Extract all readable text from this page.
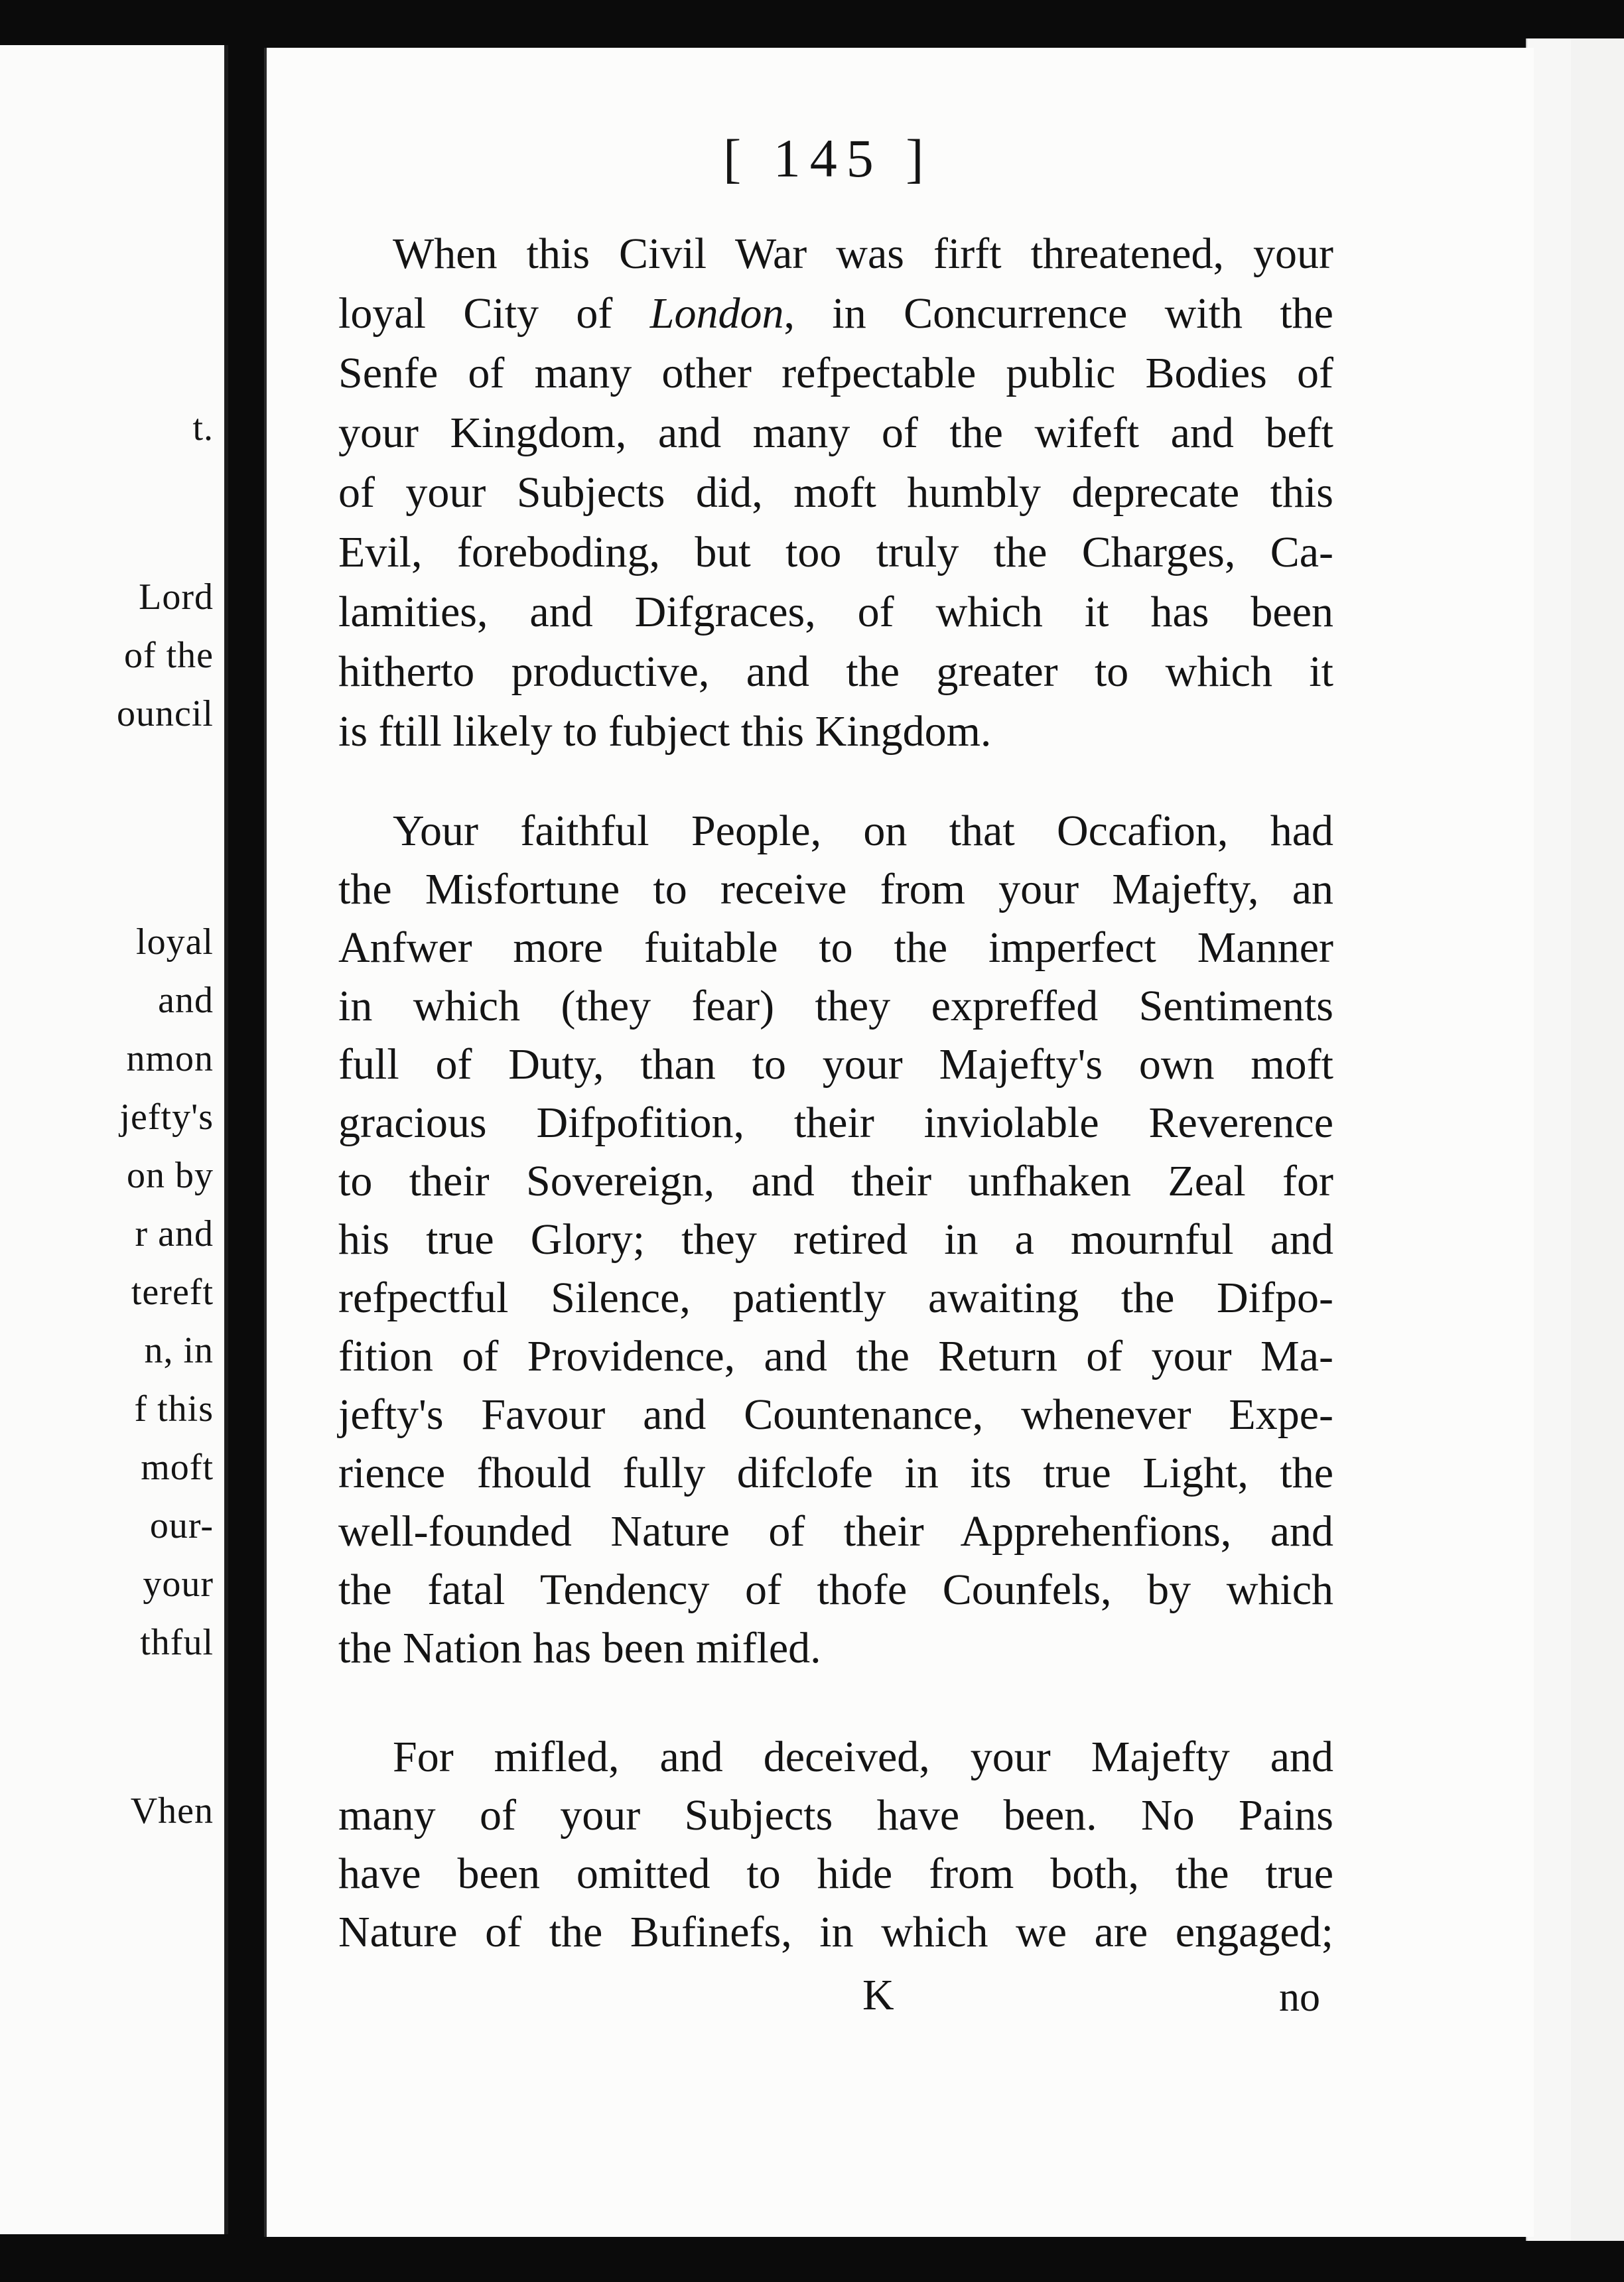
t.
Lord
of the
ouncil
loyal
and
nmon
jefty's
on by
r and
tereft
n, in
f this
moft
our-
your
thful
Vhen
[ 145 ]
When this Civil War was firft threatened, your
loyal City of London, in Concurrence with the
Senfe of many other refpectable public Bodies of
your Kingdom, and many of the wifeft and beft
of your Subjects did, moft humbly deprecate this
Evil, foreboding, but too truly the Charges, Ca-
lamities, and Difgraces, of which it has been
hitherto productive, and the greater to which it
is ftill likely to fubject this Kingdom.
Your faithful People, on that Occafion, had
the Misfortune to receive from your Majefty, an
Anfwer more fuitable to the imperfect Manner
in which (they fear) they expreffed Sentiments
full of Duty, than to your Majefty's own moft
gracious Difpofition, their inviolable Reverence
to their Sovereign, and their unfhaken Zeal for
his true Glory; they retired in a mournful and
refpectful Silence, patiently awaiting the Difpo-
fition of Providence, and the Return of your Ma-
jefty's Favour and Countenance, whenever Expe-
rience fhould fully difclofe in its true Light, the
well-founded Nature of their Apprehenfions, and
the fatal Tendency of thofe Counfels, by which
the Nation has been mifled.
For mifled, and deceived, your Majefty and
many of your Subjects have been. No Pains
have been omitted to hide from both, the true
Nature of the Bufinefs, in which we are engaged;
K	no
